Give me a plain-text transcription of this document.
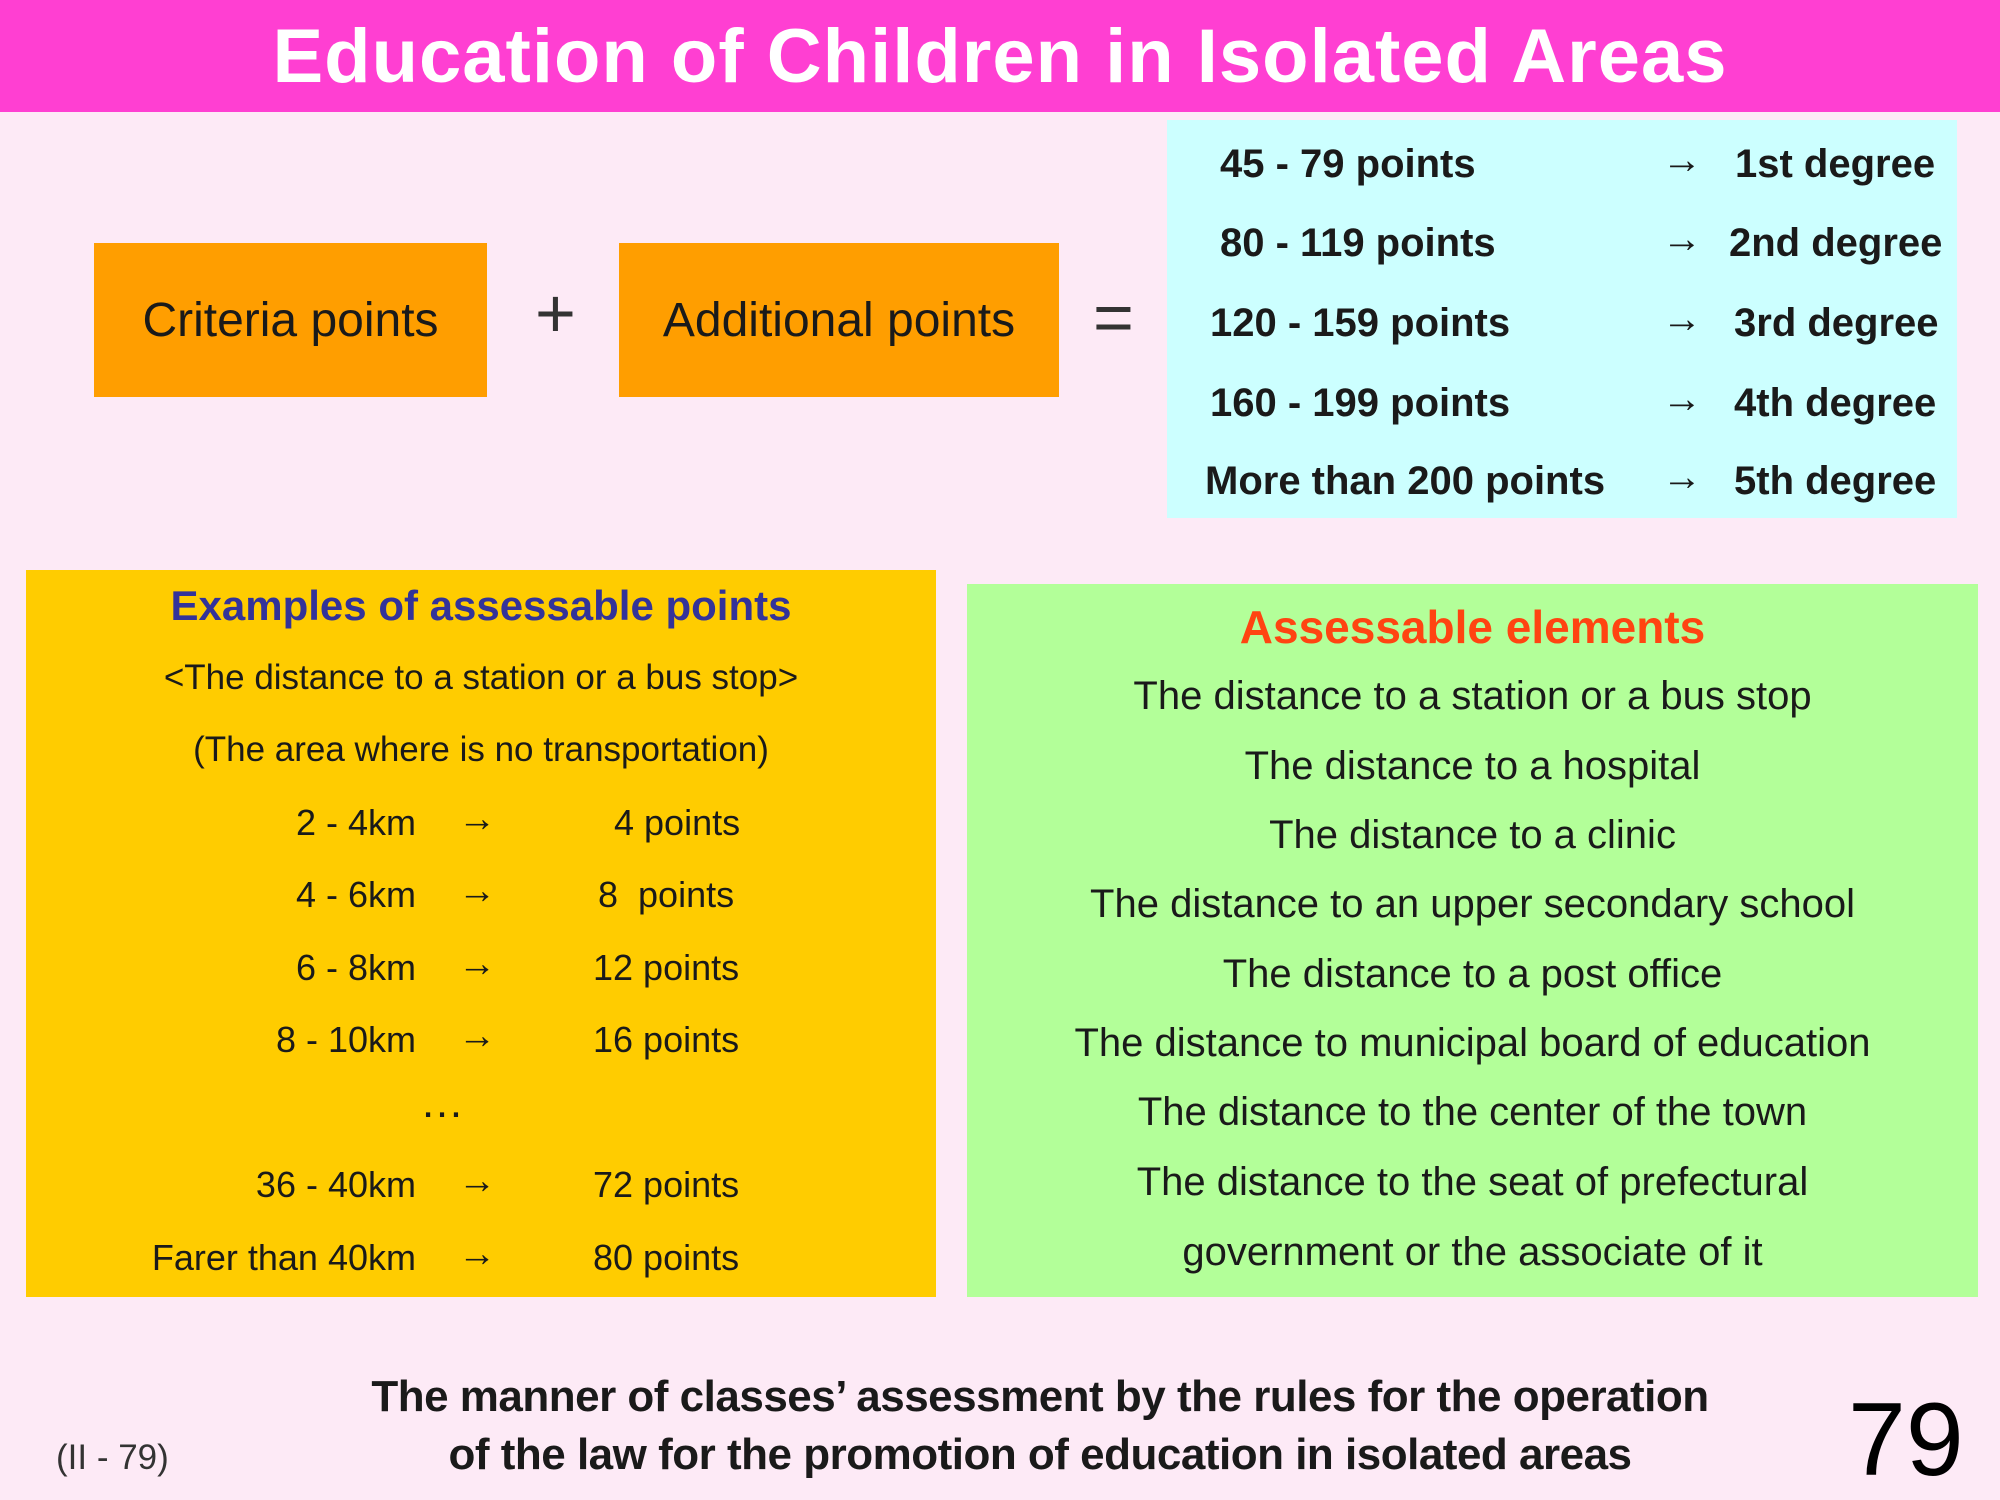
Education of Children in Isolated Areas
Criteria points + Additional points =
45 - 79 points	→ 1st degree
80 - 119 points	→ 2nd degree
120 - 159 points	→ 3rd degree
160 - 199 points	→ 4th degree
More than 200 points → 5th degree
Examples of assessable points
<The distance to a station or a bus stop>
(The area where is no transportation)
2 - 4km →	4 points
4 - 6km →	8  points
6 - 8km →	12 points
8 - 10km →	16 points
36 - 40km →	72 points
Farer than 40km →	80 points
…
Assessable elements
The distance to a station or a bus stop
The distance to a hospital
The distance to a clinic
The distance to an upper secondary school
The distance to a post office
The distance to municipal board of education
The distance to the center of the town
The distance to the seat of prefectural
government or the associate of it
The manner of classes’ assessment by the rules for the operation
of the law for the promotion of education in isolated areas
(II - 79)	79
